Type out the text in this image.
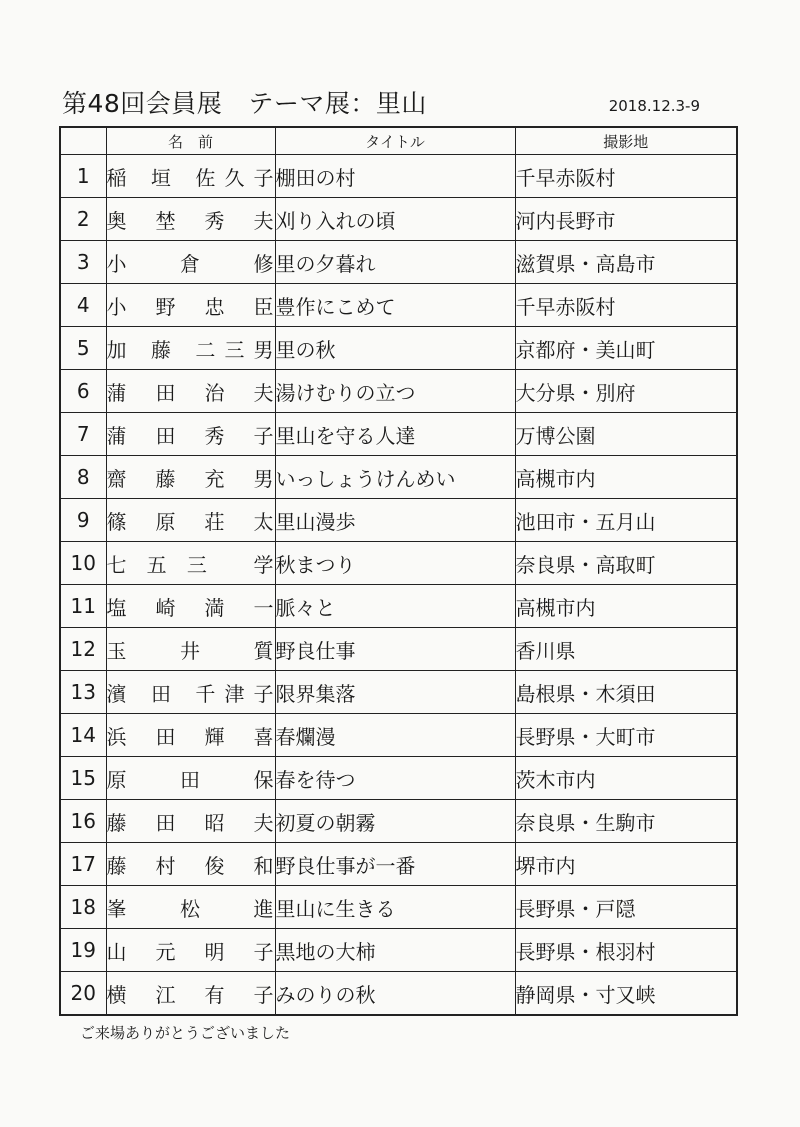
第48回会員展 テーマ展：里山	2018.12.3-9
	名　前	タイトル	撮影地
1	稲 垣 佐久子	棚田の村	千早赤阪村
2	奥 埜 秀 夫	刈り入れの頃	河内長野市
3	小 倉 修	里の夕暮れ	滋賀県・高島市
4	小 野 忠 臣	豊作にこめて	千早赤阪村
5	加 藤 二三男	里の秋	京都府・美山町
6	蒲 田 治 夫	湯けむりの立つ	大分県・別府
7	蒲 田 秀 子	里山を守る人達	万博公園
8	齋 藤 充 男	いっしょうけんめい	高槻市内
9	篠 原 荘 太	里山漫歩	池田市・五月山
10	七五三 学	秋まつり	奈良県・高取町
11	塩 崎 満 一	脈々と	高槻市内
12	玉 井 質	野良仕事	香川県
13	濱 田 千津子	限界集落	島根県・木須田
14	浜 田 輝 喜	春爛漫	長野県・大町市
15	原 田 保	春を待つ	茨木市内
16	藤 田 昭 夫	初夏の朝霧	奈良県・生駒市
17	藤 村 俊 和	野良仕事が一番	堺市内
18	峯 松 進	里山に生きる	長野県・戸隠
19	山 元 明 子	黒地の大柿	長野県・根羽村
20	横 江 有 子	みのりの秋	静岡県・寸又峡
ご来場ありがとうございました
